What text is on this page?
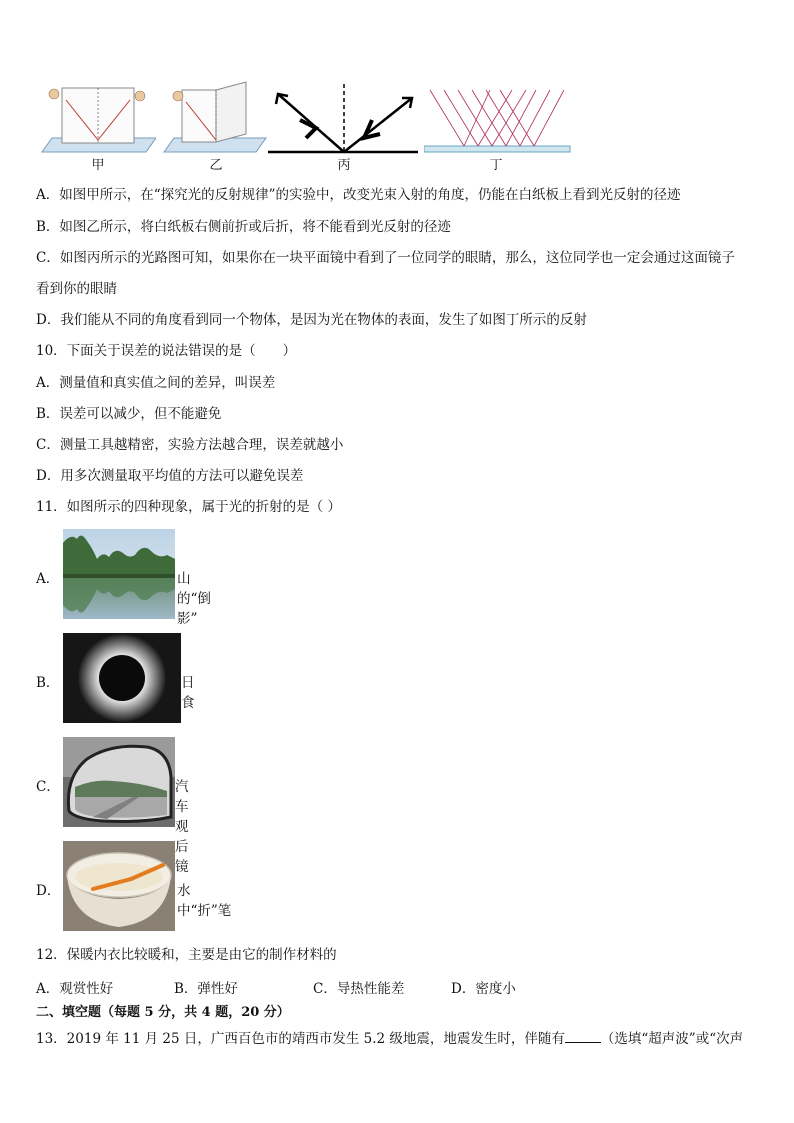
甲	乙	丙	丁
A．如图甲所示，在“探究光的反射规律”的实验中，改变光束入射的角度，仍能在白纸板上看到光反射的径迹
B．如图乙所示，将白纸板右侧前折或后折，将不能看到光反射的径迹
C．如图丙所示的光路图可知，如果你在一块平面镜中看到了一位同学的眼睛，那么，这位同学也一定会通过这面镜子
看到你的眼睛
D．我们能从不同的角度看到同一个物体，是因为光在物体的表面，发生了如图丁所示的反射
10．下面关于误差的说法错误的是（　　）
A．测量值和真实值之间的差异，叫误差
B．误差可以减少，但不能避免
C．测量工具越精密，实验方法越合理，误差就越小
D．用多次测量取平均值的方法可以避免误差
11．如图所示的四种现象，属于光的折射的是（ ）
A．	山的“倒影”
B．	日食
C．	汽车观后镜
D．	水中“折”笔
12．保暖内衣比较暖和，主要是由它的制作材料的
A．观赏性好	B．弹性好	C．导热性能差	D．密度小
二、填空题（每题 5 分，共 4 题，20 分）
13．2019 年 11 月 25 日，广西百色市的靖西市发生 5.2 级地震，地震发生时，伴随有	（选填“超声波”或“次声
